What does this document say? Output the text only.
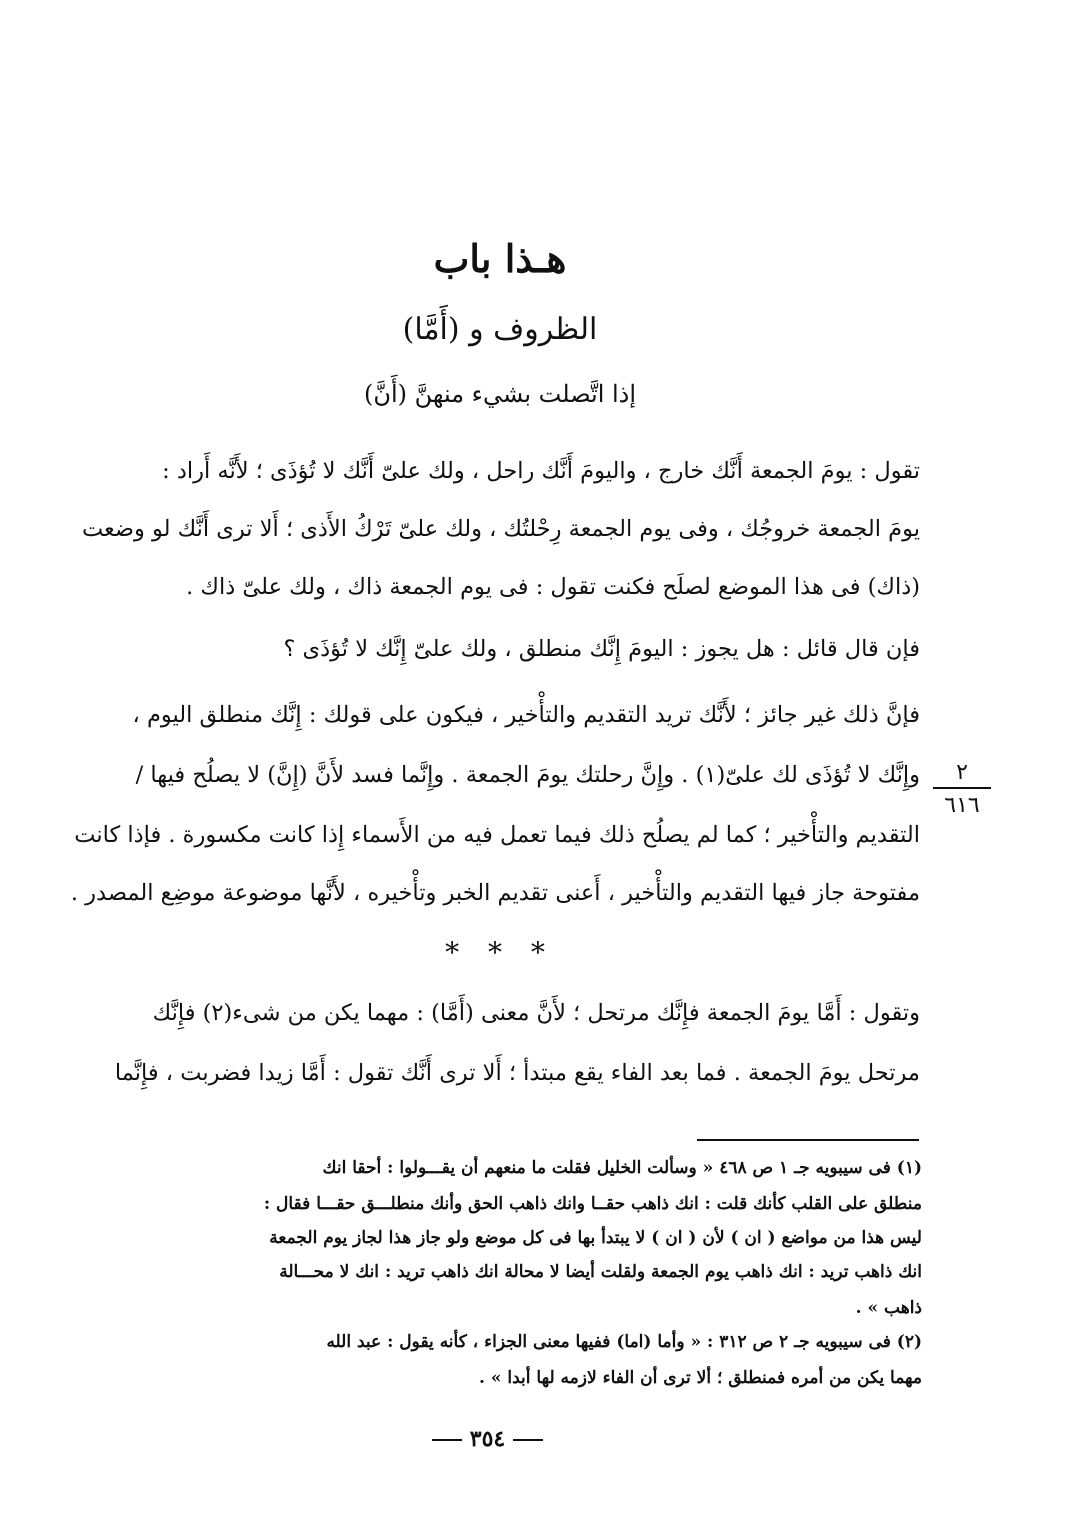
هـذا باب
الظروف و (أَمَّا)
إذا اتَّصلت بشيء منهنَّ (أَنَّ)
تقول : يومَ الجمعة أَنَّك خارج ، واليومَ أَنَّك راحل ، ولك علىّ أَنَّك لا تُؤذَى ؛ لأَنَّه أَراد :
يومَ الجمعة خروجُك ، وفى يوم الجمعة رِحْلتُك ، ولك علىّ تَرْكُ الأَذى ؛ أَلا ترى أَنَّك لو وضعت
(ذاك) فى هذا الموضع لصلَح فكنت تقول : فى يوم الجمعة ذاك ، ولك علىّ ذاك .
فإن قال قائل : هل يجوز : اليومَ إِنَّك منطلق ، ولك علىّ إِنَّك لا تُؤذَى ؟
فإنَّ ذلك غير جائز ؛ لأَنَّك تريد التقديم والتأْخير ، فيكون على قولك : إِنَّك منطلق اليوم ،
وإِنَّك لا تُؤذَى لك علىّ(١) . وإِنَّ رحلتك يومَ الجمعة . وإِنَّما فسد لأَنَّ (إِنَّ) لا يصلُح فيها /
التقديم والتأْخير ؛ كما لم يصلُح ذلك فيما تعمل فيه من الأَسماء إِذا كانت مكسورة . فإذا كانت
مفتوحة جاز فيها التقديم والتأْخير ، أَعنى تقديم الخبر وتأْخيره ، لأَنَّها موضوعة موضِع المصدر .
* * *
وتقول : أَمَّا يومَ الجمعة فإِنَّك مرتحل ؛ لأَنَّ معنى (أَمَّا) : مهما يكن من شىء(٢) فإِنَّك
مرتحل يومَ الجمعة . فما بعد الفاء يقع مبتدأ ؛ أَلا ترى أَنَّك تقول : أَمَّا زيدا فضربت ، فإِنَّما
٢
٦١٦
(١) فى سيبويه جـ ١ ص ٤٦٨ « وسألت الخليل فقلت ما منعهم أن يقـــولوا : أحقا انك
منطلق على القلب كأنك قلت : انك ذاهب حقــا وانك ذاهب الحق وأنك منطلـــق حقـــا فقال :
ليس هذا من مواضع ( ان ) لأن ( ان ) لا يبتدأ بها فى كل موضع ولو جاز هذا لجاز يوم الجمعة
انك ذاهب تريد : انك ذاهب يوم الجمعة ولقلت أيضا لا محالة انك ذاهب تريد : انك لا محـــالة
ذاهب » .
(٢) فى سيبويه جـ ٢ ص ٣١٢ : « وأما (اما) ففيها معنى الجزاء ، كأنه يقول : عبد الله
مهما يكن من أمره فمنطلق ؛ ألا ترى أن الفاء لازمه لها أبدا » .
٣٥٤
